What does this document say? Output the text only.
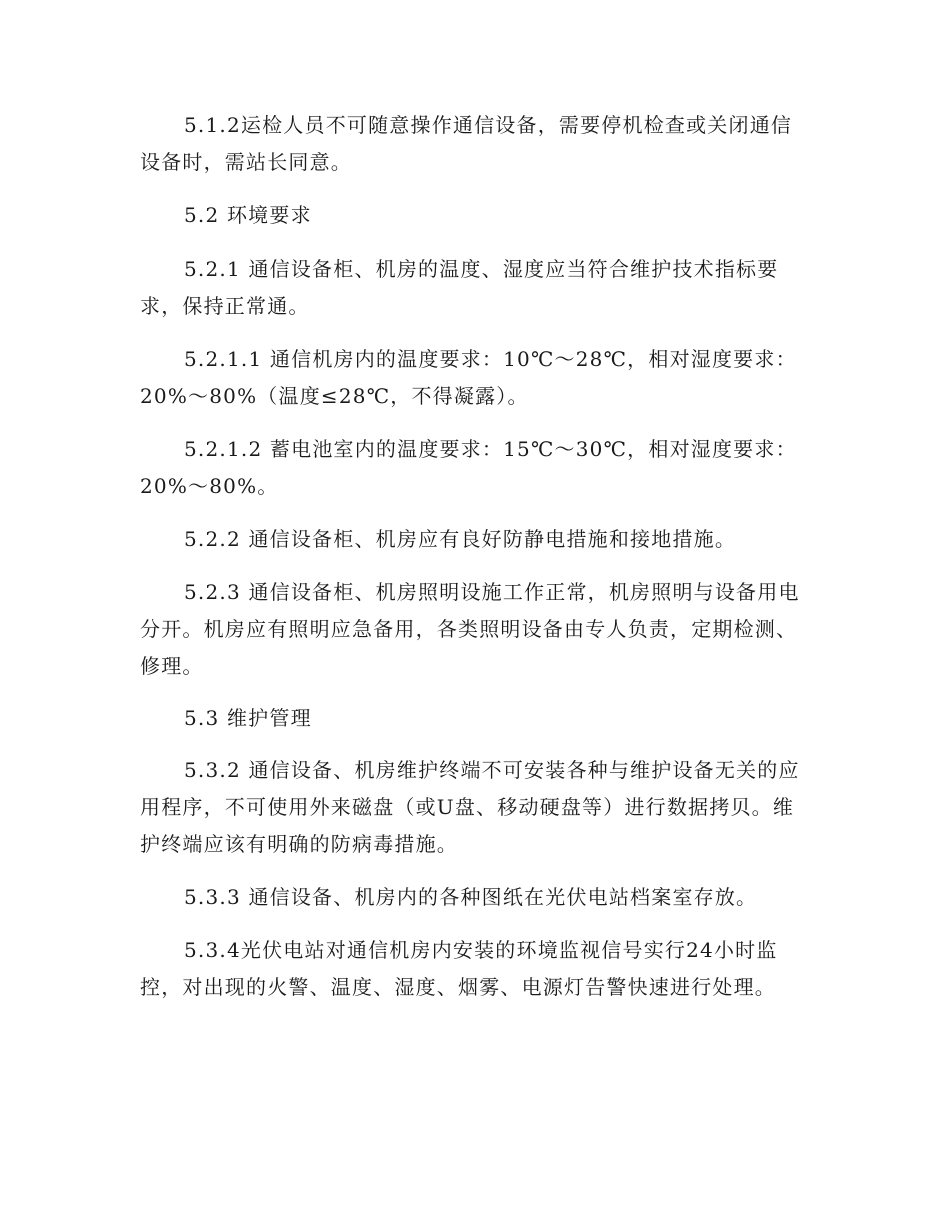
5.1.2运检人员不可随意操作通信设备，需要停机检查或关闭通信设备时，需站长同意。

5.2 环境要求

5.2.1 通信设备柜、机房的温度、湿度应当符合维护技术指标要求，保持正常通。

5.2.1.1 通信机房内的温度要求：10℃～28℃，相对湿度要求：20%～80%（温度≤28℃，不得凝露）。

5.2.1.2 蓄电池室内的温度要求：15℃～30℃，相对湿度要求：20%～80%。

5.2.2 通信设备柜、机房应有良好防静电措施和接地措施。

5.2.3 通信设备柜、机房照明设施工作正常，机房照明与设备用电分开。机房应有照明应急备用，各类照明设备由专人负责，定期检测、修理。

5.3 维护管理

5.3.2 通信设备、机房维护终端不可安装各种与维护设备无关的应用程序，不可使用外来磁盘（或U盘、移动硬盘等）进行数据拷贝。维护终端应该有明确的防病毒措施。

5.3.3 通信设备、机房内的各种图纸在光伏电站档案室存放。

5.3.4光伏电站对通信机房内安装的环境监视信号实行24小时监控，对出现的火警、温度、湿度、烟雾、电源灯告警快速进行处理。
